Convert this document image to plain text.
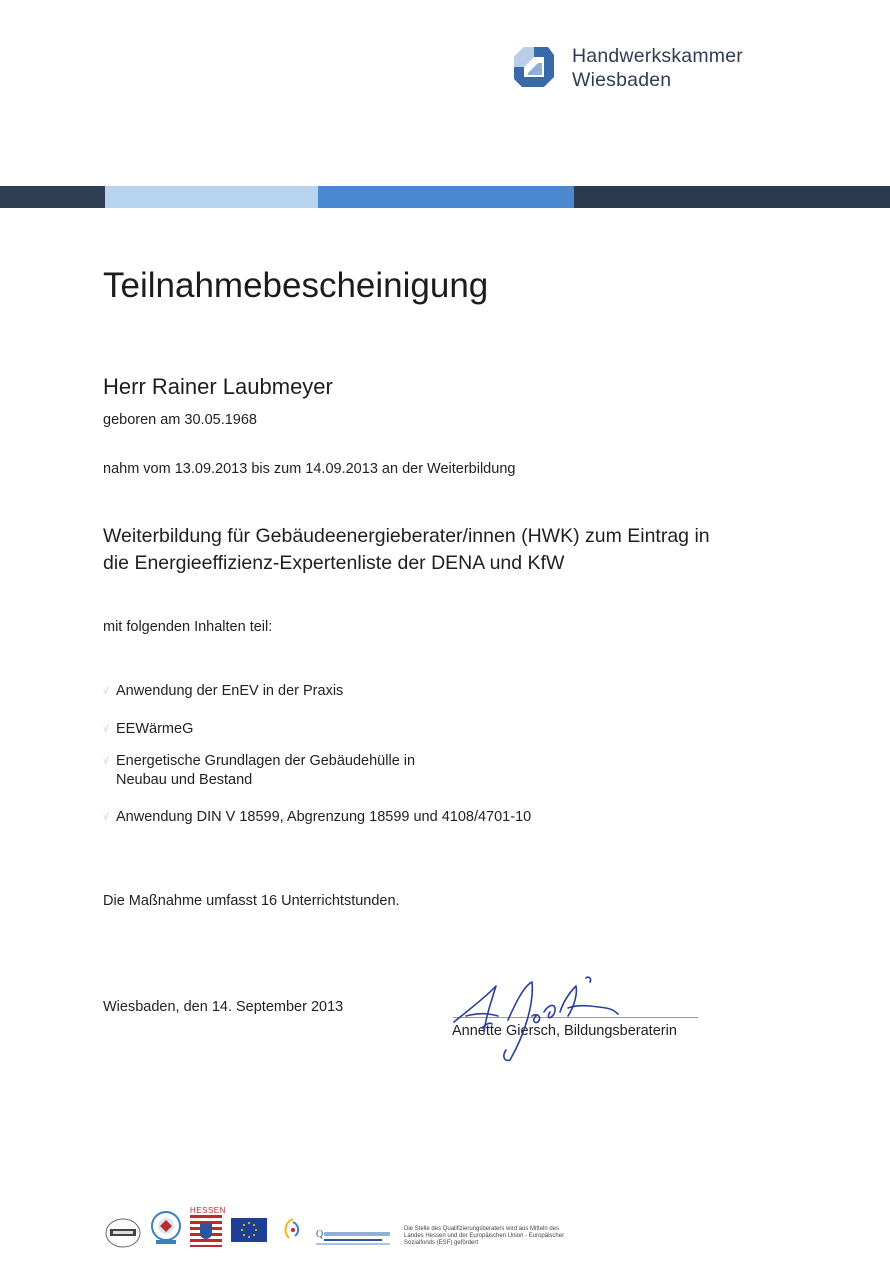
Handwerkskammer
Wiesbaden
Teilnahmebescheinigung
Herr Rainer Laubmeyer
geboren am 30.05.1968
nahm vom 13.09.2013 bis zum 14.09.2013 an der Weiterbildung
Weiterbildung für Gebäudeenergieberater/innen (HWK) zum Eintrag in
die Energieeffizienz-Expertenliste der DENA und KfW
mit folgenden Inhalten teil:
√ Anwendung der EnEV in der Praxis
√ EEWärmeG
√ Energetische Grundlagen der Gebäudehülle in
Neubau und Bestand
√ Anwendung DIN V 18599, Abgrenzung 18599 und 4108/4701-10
Die Maßnahme umfasst 16 Unterrichtstunden.
Wiesbaden, den 14. September 2013
Annette Giersch, Bildungsberaterin
HESSEN
Q	Die Stelle des Qualifizierungsberaters wird aus Mitteln des
Landes Hessen und der Europäischen Union - Europäischer
Sozialfonds (ESF) gefördert
